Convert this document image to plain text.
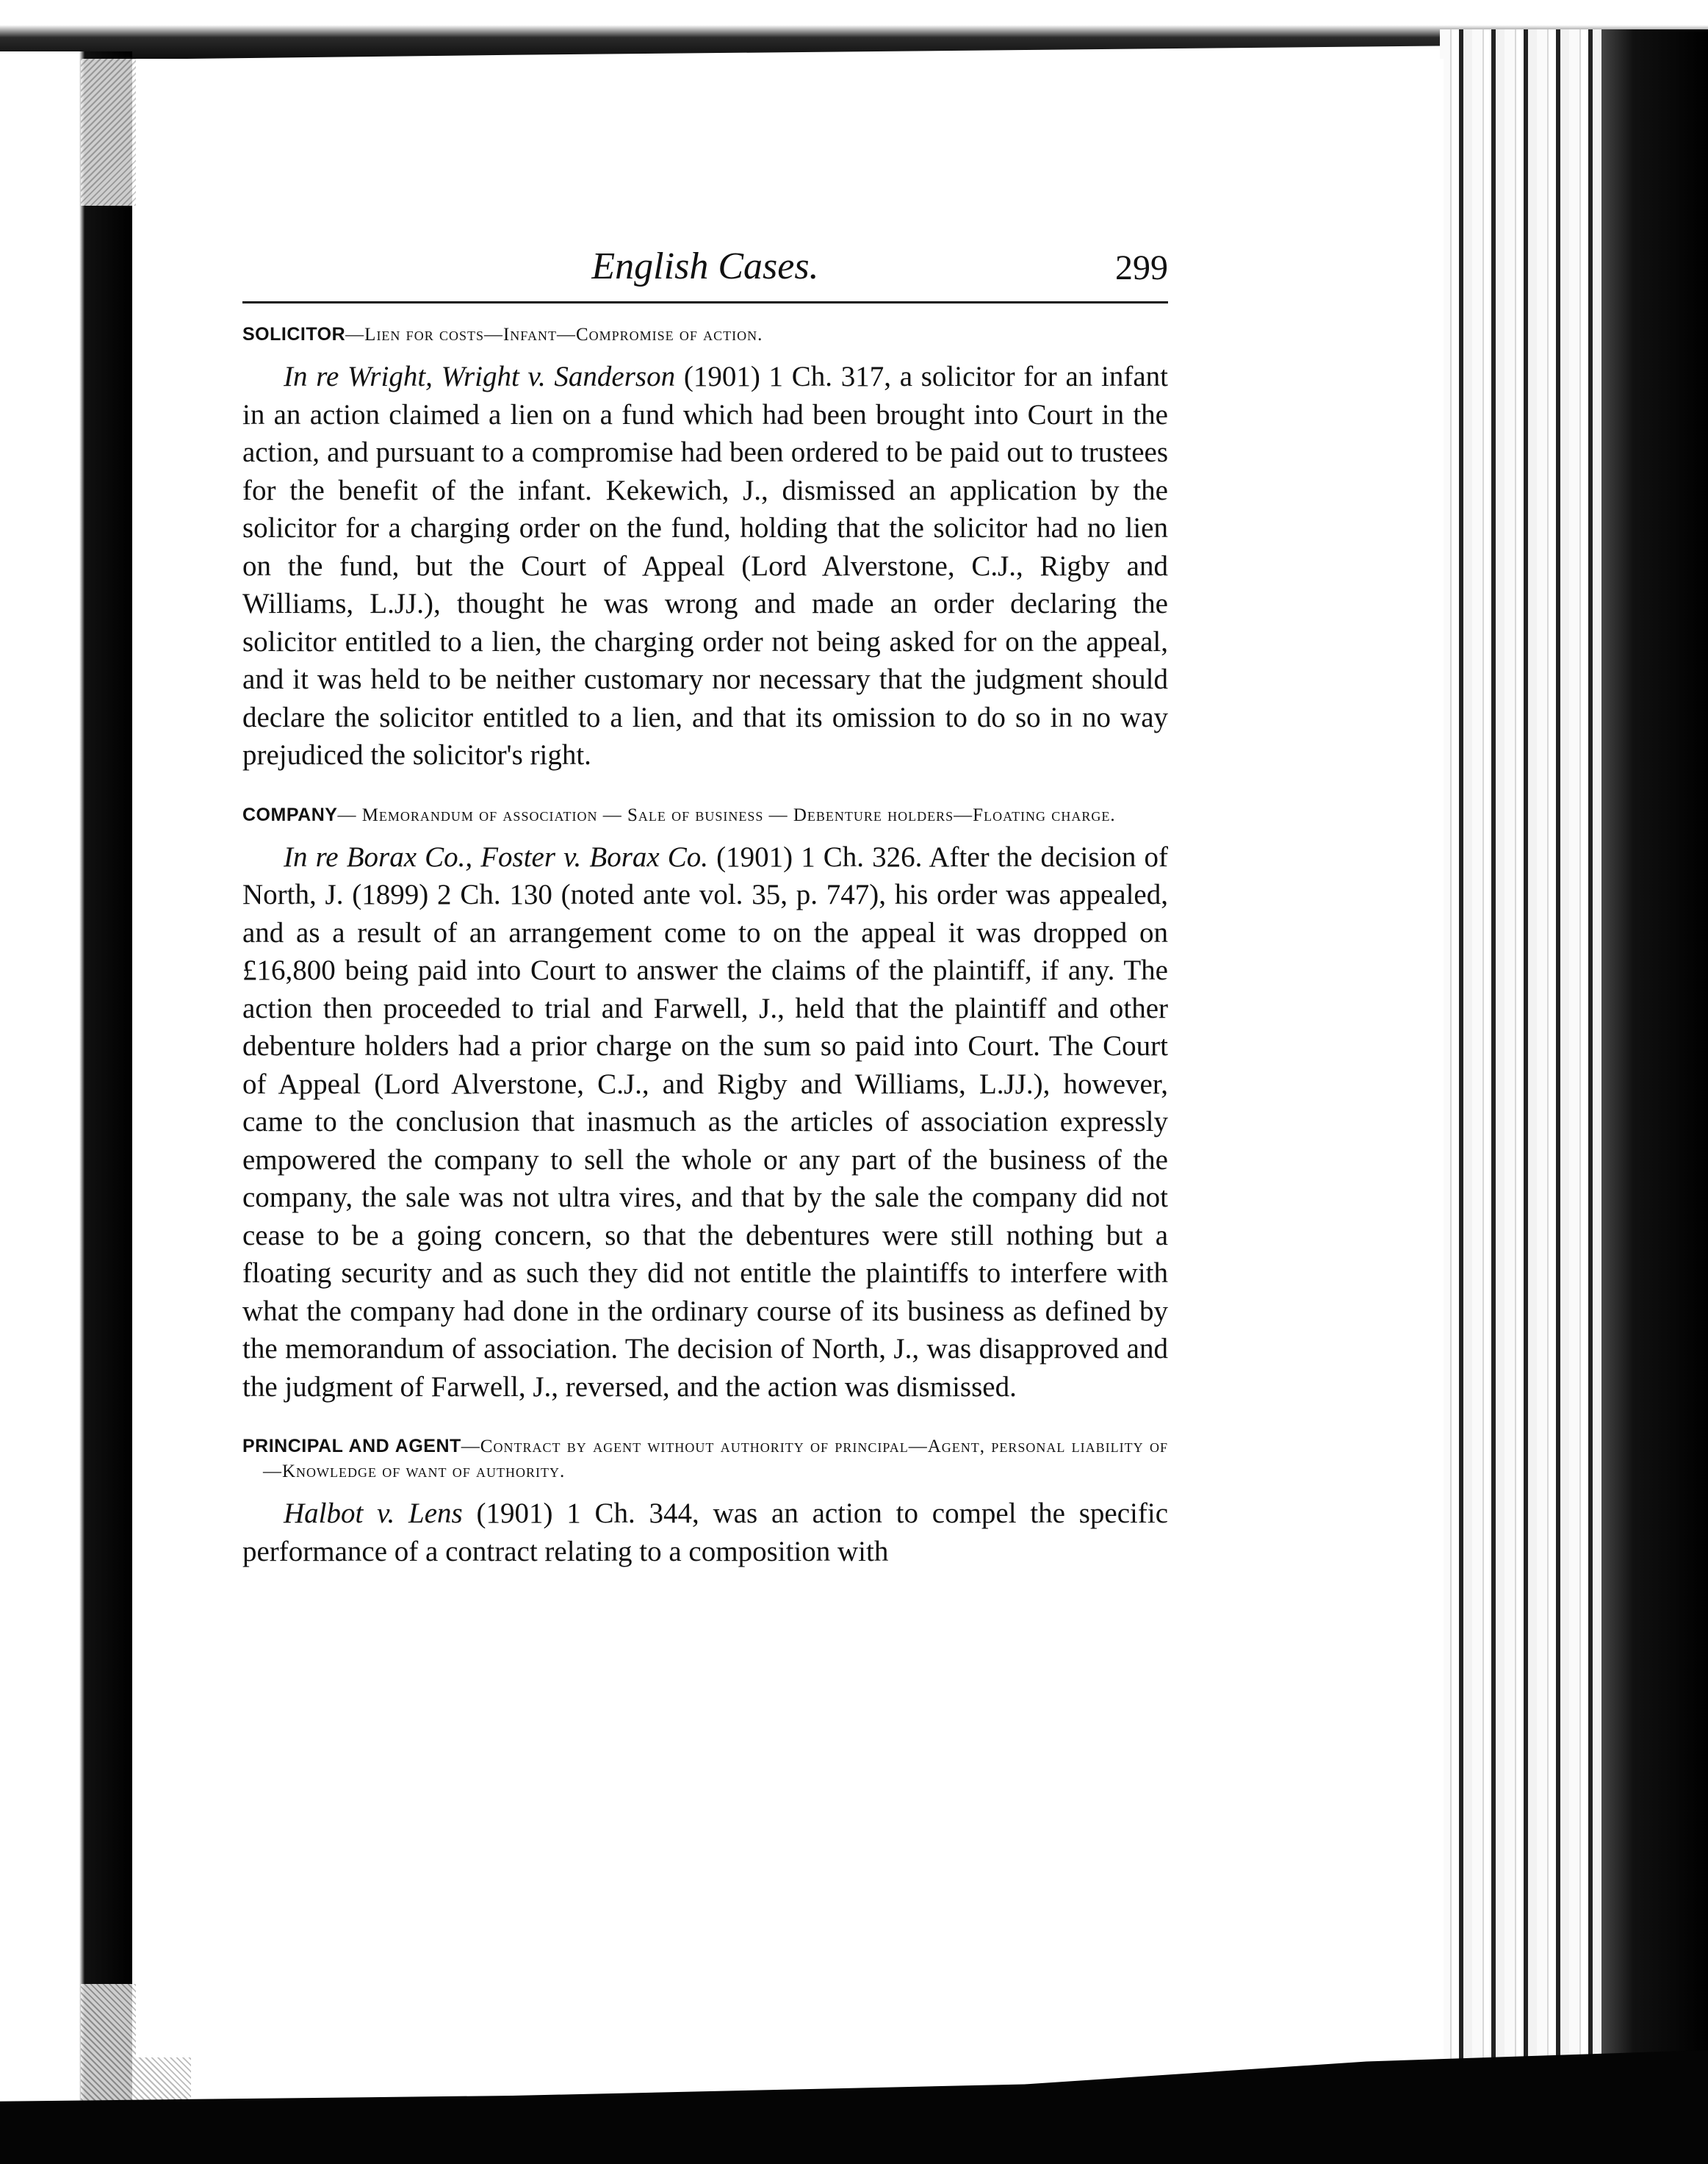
English Cases.	299

SOLICITOR—Lien for costs—Infant—Compromise of action.

In re Wright, Wright v. Sanderson (1901) 1 Ch. 317, a solicitor for an infant in an action claimed a lien on a fund which had been brought into Court in the action, and pursuant to a compromise had been ordered to be paid out to trustees for the benefit of the infant. Kekewich, J., dismissed an application by the solicitor for a charging order on the fund, holding that the solicitor had no lien on the fund, but the Court of Appeal (Lord Alverstone, C.J., Rigby and Williams, L.JJ.), thought he was wrong and made an order declaring the solicitor entitled to a lien, the charging order not being asked for on the appeal, and it was held to be neither customary nor necessary that the judgment should declare the solicitor entitled to a lien, and that its omission to do so in no way prejudiced the solicitor's right.

COMPANY— Memorandum of association — Sale of business — Debenture holders—Floating charge.

In re Borax Co., Foster v. Borax Co. (1901) 1 Ch. 326. After the decision of North, J. (1899) 2 Ch. 130 (noted ante vol. 35, p. 747), his order was appealed, and as a result of an arrangement come to on the appeal it was dropped on £16,800 being paid into Court to answer the claims of the plaintiff, if any. The action then proceeded to trial and Farwell, J., held that the plaintiff and other debenture holders had a prior charge on the sum so paid into Court. The Court of Appeal (Lord Alverstone, C.J., and Rigby and Williams, L.JJ.), however, came to the conclusion that inasmuch as the articles of association expressly empowered the company to sell the whole or any part of the business of the company, the sale was not ultra vires, and that by the sale the company did not cease to be a going concern, so that the debentures were still nothing but a floating security and as such they did not entitle the plaintiffs to interfere with what the company had done in the ordinary course of its business as defined by the memorandum of association. The decision of North, J., was disapproved and the judgment of Farwell, J., reversed, and the action was dismissed.

PRINCIPAL AND AGENT—Contract by agent without authority of principal—Agent, personal liability of—Knowledge of want of authority.

Halbot v. Lens (1901) 1 Ch. 344, was an action to compel the specific performance of a contract relating to a composition with
